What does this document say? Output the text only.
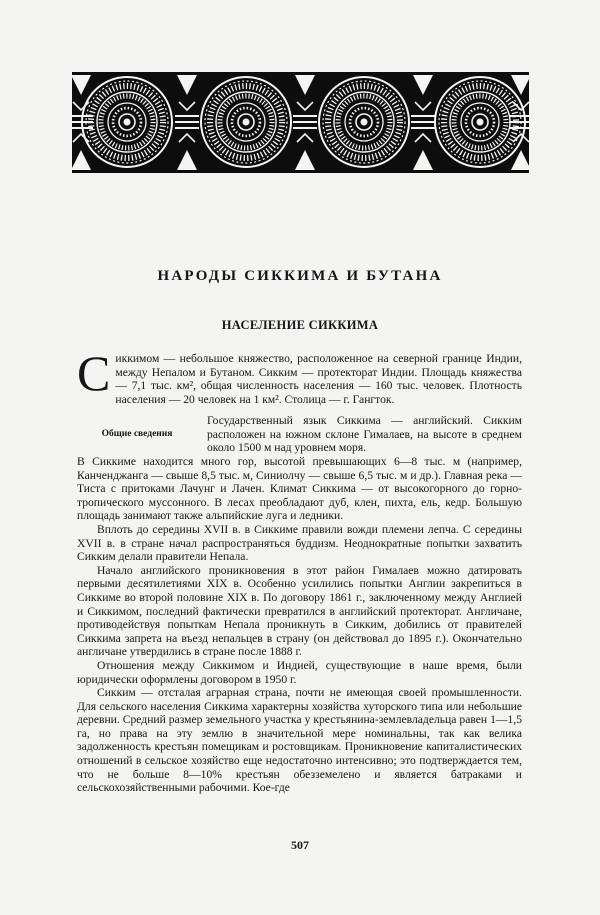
НАРОДЫ СИККИМА И БУТАНА
НАСЕЛЕНИЕ СИККИМА

Сиккимом — небольшое княжество, расположенное на северной границе Индии, между Непалом и Бутаном. Сикким — протекторат Индии. Площадь княжества — 7,1 тыс. км², общая численность населения — 160 тыс. человек. Плотность населения — 20 человек на 1 км². Столица — г. Гангток.

Общие сведения

Государственный язык Сиккима — английский. Сикким расположен на южном склоне Гималаев, на высоте в среднем около 1500 м над уровнем моря.

В Сиккиме находится много гор, высотой превышающих 6—8 тыс. м (например, Канченджанга — свыше 8,5 тыс. м, Синиолчу — свыше 6,5 тыс. м и др.). Главная река — Тиста с притоками Лачунг и Лачен. Климат Сиккима — от высокогорного до горно-тропического муссонного. В лесах преобладают дуб, клен, пихта, ель, кедр. Большую площадь занимают также альпийские луга и ледники.

Вплоть до середины XVII в. в Сиккиме правили вожди племени лепча. С середины XVII в. в стране начал распространяться буддизм. Неоднократные попытки захватить Сикким делали правители Непала.

Начало английского проникновения в этот район Гималаев можно датировать первыми десятилетиями XIX в. Особенно усилились попытки Англии закрепиться в Сиккиме во второй половине XIX в. По договору 1861 г., заключенному между Англией и Сиккимом, последний фактически превратился в английский протекторат. Англичане, противодействуя попыткам Непала проникнуть в Сикким, добились от правителей Сиккима запрета на въезд непальцев в страну (он действовал до 1895 г.). Окончательно англичане утвердились в стране после 1888 г.

Отношения между Сиккимом и Индией, существующие в наше время, были юридически оформлены договором в 1950 г.

Сикким — отсталая аграрная страна, почти не имеющая своей промышленности. Для сельского населения Сиккима характерны хозяйства хуторского типа или небольшие деревни. Средний размер земельного участка у крестьянина-землевладельца равен 1—1,5 га, но права на эту землю в значительной мере номинальны, так как велика задолженность крестьян помещикам и ростовщикам. Проникновение капиталистических отношений в сельское хозяйство еще недостаточно интенсивно; это подтверждается тем, что не больше 8—10% крестьян обезземелено и является батраками и сельскохозяйственными рабочими. Кое-где

507
